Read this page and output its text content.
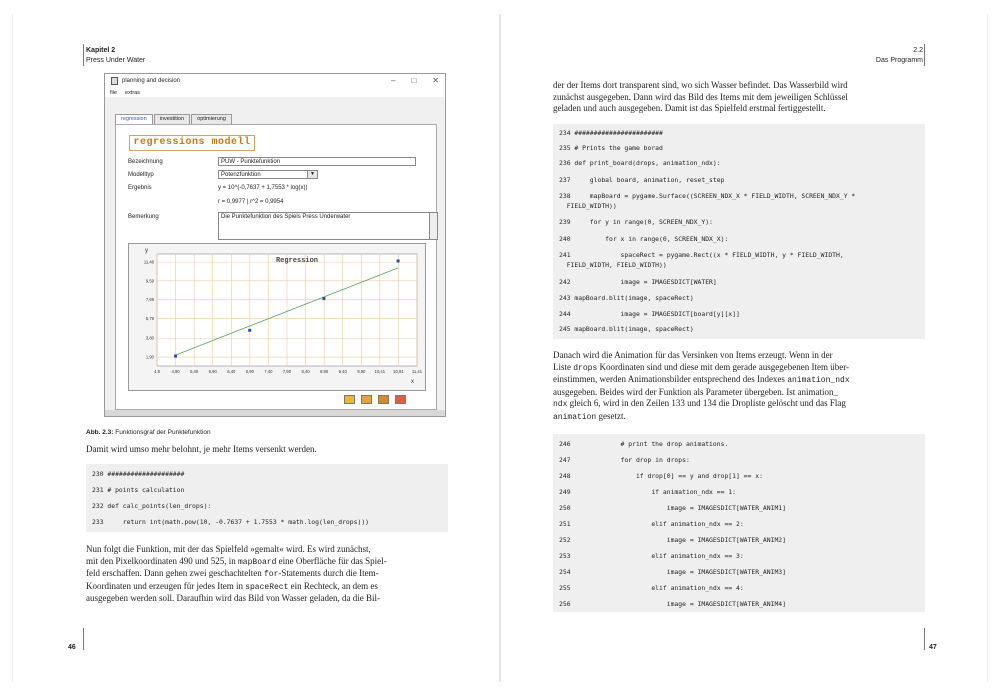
Kapitel 2
Press Under Water
planning and decision	– □ ✕
file extras
regression	investition	optimierung
regressions modell
Bezeichnung	PUW - Punktefunktion
Modelltyp	Potenzfunktion	▼
Ergebnis	y = 10^(-0,7637 + 1,7553 * log(x))
r = 0,9977 | r^2 = 0,9954
Bemerkung	Die Punktefunktion des Spiels Press Underwater
4,8	4,90 5,40 5,90 6,40 6,90 7,40 7,90 8,40 8,90 9,40 9,90 10,41 10,91 11,41
1,90
3,80
5,79
7,69
9,59
11,48
y
x
Regression
Abb. 2.3: Funktionsgraf der Punktefunktion
Damit wird umso mehr belohnt, je mehr Items versenkt werden.
230 ####################
231 # points calculation
232 def calc_points(len_drops):
233     return int(math.pow(10, -0.7637 + 1.7553 * math.log(len_drops)))
Nun folgt die Funktion, mit der das Spielfeld »gemalt« wird. Es wird zunächst,
mit den Pixelkoordinaten 490 und 525, in mapBoard eine Oberfläche für das Spiel-
feld erschaffen. Dann gehen zwei geschachtelten for-Statements durch die Item-
Koordinaten und erzeugen für jedes Item in spaceRect ein Rechteck, an dem es
ausgegeben werden soll. Daraufhin wird das Bild von Wasser geladen, da die Bil-
46
2.2
Das Programm
der der Items dort transparent sind, wo sich Wasser befindet. Das Wasserbild wird
zunächst ausgegeben. Dann wird das Bild des Items mit dem jeweiligen Schlüssel
geladen und auch ausgegeben. Damit ist das Spielfeld erstmal fertiggestellt.
234 #######################
235 # Prints the game borad
236 def print_board(drops, animation_ndx):
237     global board, animation, reset_step
238     mapBoard = pygame.Surface((SCREEN_NDX_X * FIELD_WIDTH, SCREEN_NDX_Y *
FIELD_WIDTH))
239     for y in range(0, SCREEN_NDX_Y):
240         for x in range(0, SCREEN_NDX_X):
241             spaceRect = pygame.Rect((x * FIELD_WIDTH, y * FIELD_WIDTH,
FIELD_WIDTH, FIELD_WIDTH))
242             image = IMAGESDICT[WATER]
243 mapBoard.blit(image, spaceRect)
244             image = IMAGESDICT[board[y][x]]
245 mapBoard.blit(image, spaceRect)
Danach wird die Animation für das Versinken von Items erzeugt. Wenn in der
Liste drops Koordinaten sind und diese mit dem gerade ausgegebenen Item über-
einstimmen, werden Animationsbilder entsprechend des Indexes animation_ndx
ausgegeben. Beides wird der Funktion als Parameter übergeben. Ist animation_
ndx gleich 6, wird in den Zeilen 133 und 134 die Dropliste gelöscht und das Flag
animation gesetzt.
246             # print the drop animations.
247             for drop in drops:
248                 if drop[0] == y and drop[1] == x:
249                     if animation_ndx == 1:
250                         image = IMAGESDICT[WATER_ANIM1]
251                     elif animation_ndx == 2:
252                         image = IMAGESDICT[WATER_ANIM2]
253                     elif animation_ndx == 3:
254                         image = IMAGESDICT[WATER_ANIM3]
255                     elif animation_ndx == 4:
256                         image = IMAGESDICT[WATER_ANIM4]
47
